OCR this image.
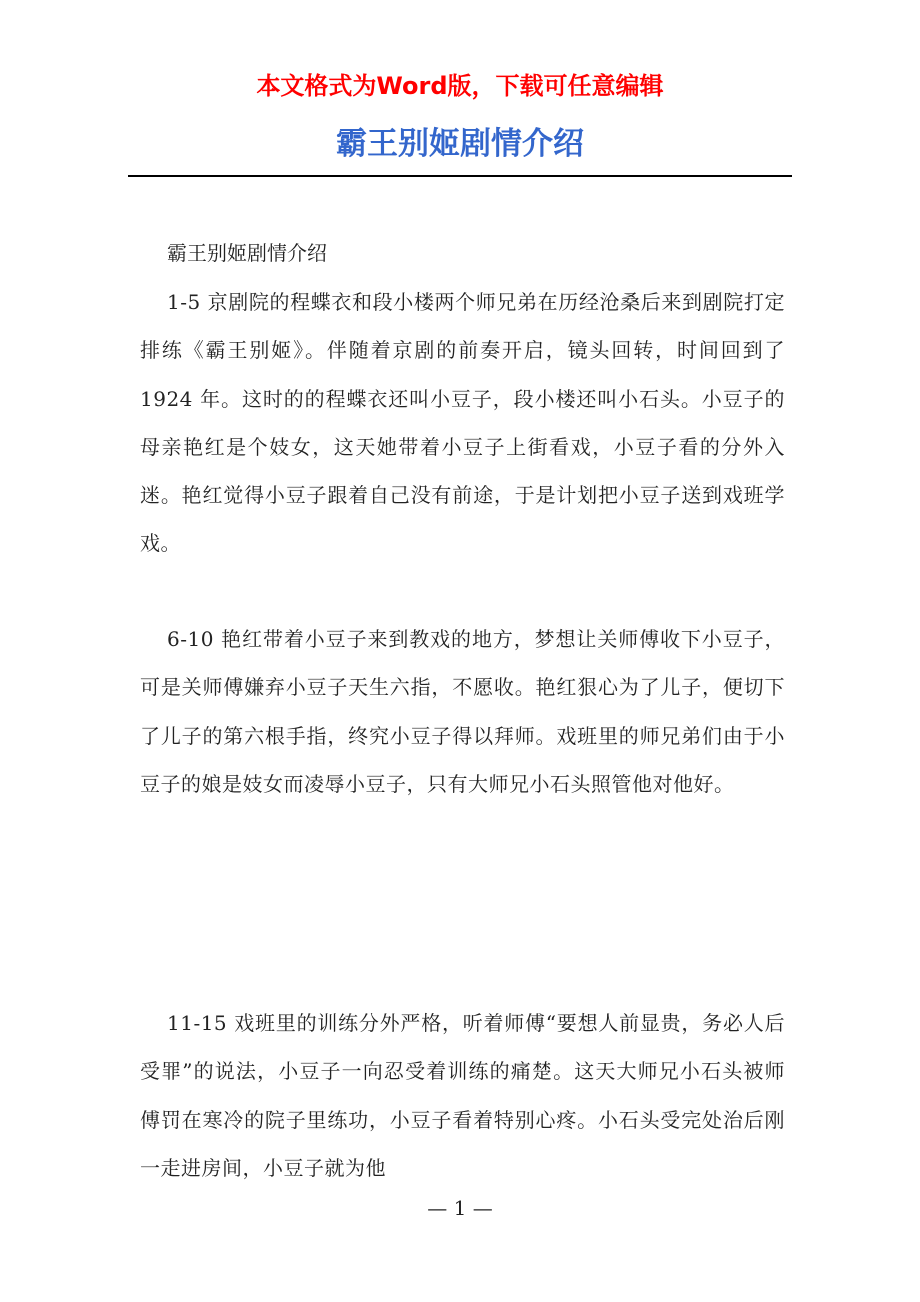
本文格式为Word版，下载可任意编辑
霸王别姬剧情介绍
霸王别姬剧情介绍

1-5 京剧院的程蝶衣和段小楼两个师兄弟在历经沧桑后来到剧院打定排练《霸王别姬》。伴随着京剧的前奏开启，镜头回转，时间回到了 1924 年。这时的的程蝶衣还叫小豆子，段小楼还叫小石头。小豆子的母亲艳红是个妓女，这天她带着小豆子上街看戏，小豆子看的分外入迷。艳红觉得小豆子跟着自己没有前途，于是计划把小豆子送到戏班学戏。

6-10 艳红带着小豆子来到教戏的地方，梦想让关师傅收下小豆子，可是关师傅嫌弃小豆子天生六指，不愿收。艳红狠心为了儿子，便切下了儿子的第六根手指，终究小豆子得以拜师。戏班里的师兄弟们由于小豆子的娘是妓女而凌辱小豆子，只有大师兄小石头照管他对他好。

11-15 戏班里的训练分外严格，听着师傅“要想人前显贵，务必人后受罪”的说法，小豆子一向忍受着训练的痛楚。这天大师兄小石头被师傅罚在寒冷的院子里练功，小豆子看着特别心疼。小石头受完处治后刚一走进房间，小豆子就为他

— 1 —
